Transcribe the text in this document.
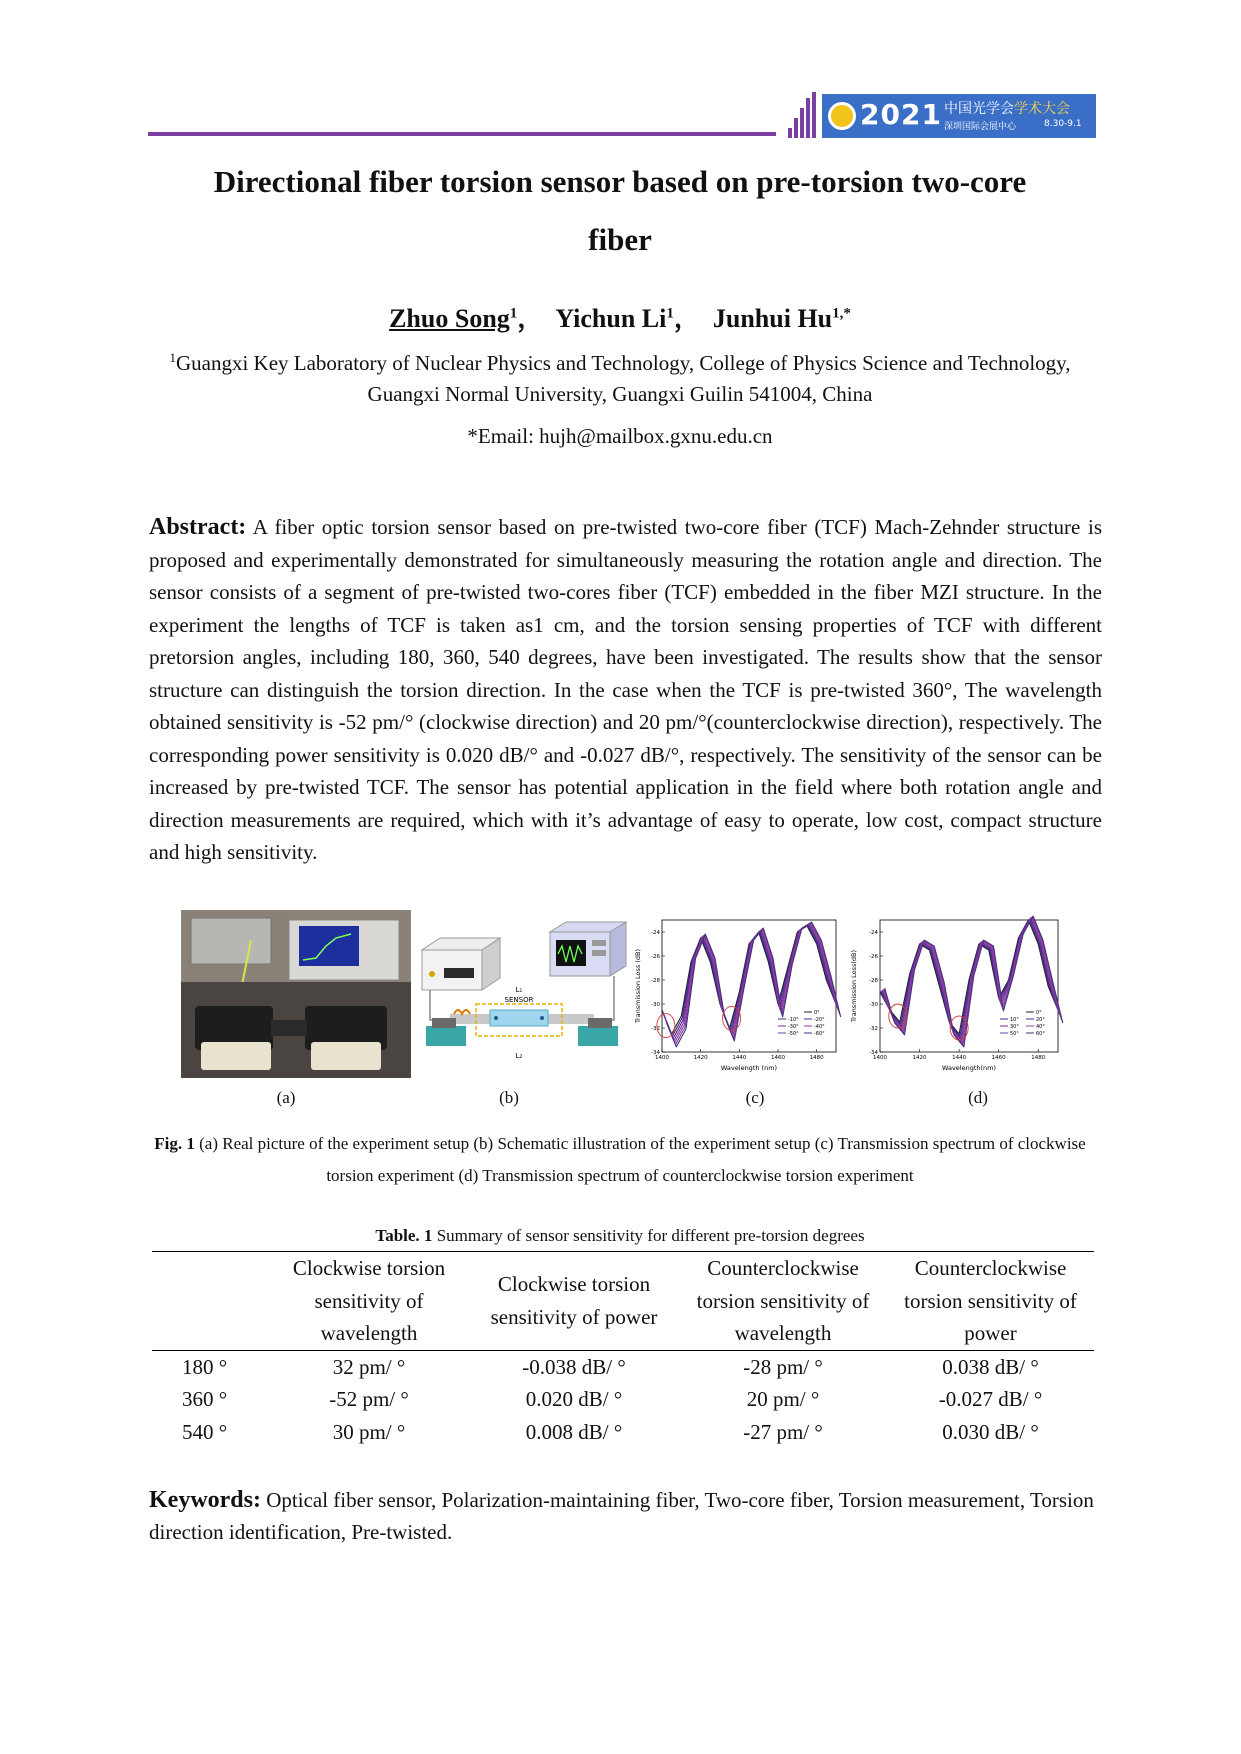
2021 中国光学会学术大会
深圳国际会展中心	8.30-9.1
Directional fiber torsion sensor based on pre-torsion two-core
fiber
Zhuo Song$^1$， Yichun Li$^1$， Junhui $Hu^{1,*}$
$^1$Guangxi Key Laboratory of Nuclear Physics and Technology, College of Physics Science and Technology,
Guangxi Normal University, Guangxi Guilin 541004, China
*Email: hujh@mailbox.gxnu.edu.cn
Abstract: A fiber optic torsion sensor based on pre-twisted two-core fiber (TCF) Mach-Zehnder structure is proposed and experimentally demonstrated for simultaneously measuring the rotation angle and direction. The sensor consists of a segment of pre-twisted two-cores fiber (TCF) embedded in the fiber MZI structure. In the experiment the lengths of TCF is taken as1 cm, and the torsion sensing properties of TCF with different pretorsion angles, including 180, 360, 540 degrees, have been investigated. The results show that the sensor structure can distinguish the torsion direction. In the case when the TCF is pre-twisted 360°, The wavelength obtained sensitivity is -52 pm/° (clockwise direction) and 20 pm/°(counterclockwise direction), respectively. The corresponding power sensitivity is 0.020 dB/° and -0.027 dB/°, respectively. The sensitivity of the sensor can be increased by pre-twisted TCF. The sensor has potential application in the field where both rotation angle and direction measurements are required, which with it’s advantage of easy to operate, low cost, compact structure and high sensitivity.
(a)
SENSOR
L₁
L₂
(b)
-24
-26
-28
-30
-32
-34
1400	1420	1440	1460	1480
Wavelength (nm)
Transmission Loss (dB)	0°
-10°	-20°
-30°	-40°
-50°	-60°
(c)
-24
-26
-28
-30
-32
-34
1400	1420	1440	1460	1480
Wavelength(nm)
Transmission Loss(dB)	0°
10°	20°
30°	40°
50°	60°
(d)
Fig. 1 (a) Real picture of the experiment setup (b) Schematic illustration of the experiment setup (c) Transmission spectrum of clockwise torsion experiment (d) Transmission spectrum of counterclockwise torsion experiment
Table. 1 Summary of sensor sensitivity for different pre-torsion degrees
	Clockwise torsion sensitivity of wavelength	Clockwise torsion sensitivity of power	Counterclockwise torsion sensitivity of wavelength	Counterclockwise torsion sensitivity of power
180 °	32 pm/ °	-0.038 dB/ °	-28 pm/ °	0.038 dB/ °
360 °	-52 pm/ °	0.020 dB/ °	20 pm/ °	-0.027 dB/ °
540 °	30 pm/ °	0.008 dB/ °	-27 pm/ °	0.030 dB/ °
Keywords: Optical fiber sensor, Polarization-maintaining fiber, Two-core fiber, Torsion measurement, Torsion direction identification, Pre-twisted.
